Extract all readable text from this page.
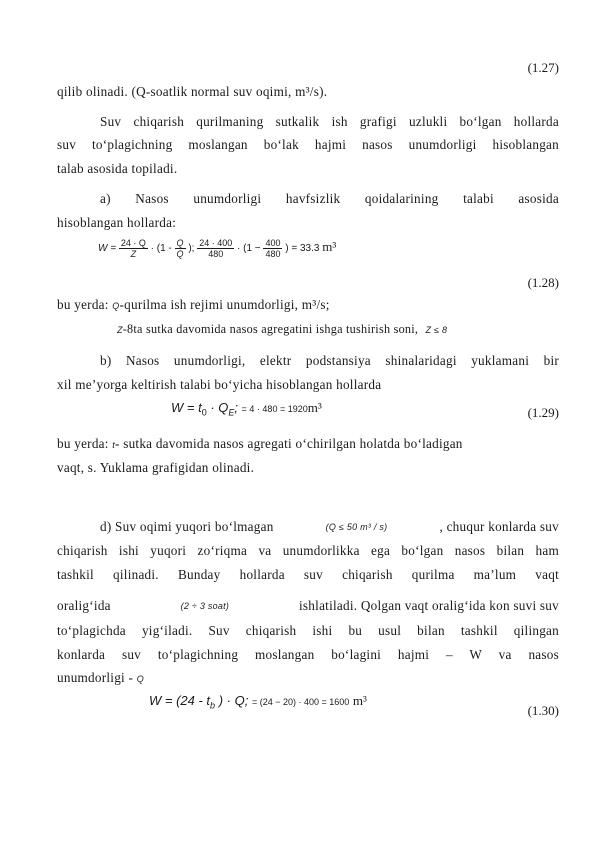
(1.27)
qilib olinadi. (Q-soatlik normal suv oqimi, m³/s).
Suv chiqarish qurilmaning sutkalik ish grafigi uzlukli bo‘lgan hollarda
suv to‘plagichning moslangan bo‘lak hajmi nasos unumdorligi hisoblangan
talab asosida topiladi.
a) Nasos unumdorligi havfsizlik qoidalarining talabi asosida
hisoblangan hollarda:
$W = \frac{24 \cdot Q}{Z} \cdot (1 - \frac{Q}{Q}$ ); $\frac{24 \cdot 400}{480} \cdot (1 - \frac{400}{480}$ ) = 33.3 m³
(1.28)
bu yerda: Q-qurilma ish rejimi unumdorligi, m³/s;
Z-8ta sutka davomida nasos agregatini ishga tushirish soni, Z ≤ 8
b) Nasos unumdorligi, elektr podstansiya shinalaridagi yuklamani bir
xil me’yorga keltirish talabi bo‘yicha hisoblangan hollarda
$W = t_0 \cdot Q_E$; = 4 · 480 = 1920m³	(1.29)
bu yerda: t- sutka davomida nasos agregati o‘chirilgan holatda bo‘ladigan
vaqt, s. Yuklama grafigidan olinadi.
d) Suv oqimi yuqori bo‘lmagan	(Q ≤ 50 m³ / s)	, chuqur konlarda suv
chiqarish ishi yuqori zo‘riqma va unumdorlikka ega bo‘lgan nasos bilan ham
tashkil qilinadi. Bunday hollarda suv chiqarish qurilma ma’lum vaqt
oralig‘ida	(2 ÷ 3 soat)	ishlatiladi. Qolgan vaqt oralig‘ida kon suvi suv
to‘plagichda yig‘iladi. Suv chiqarish ishi bu usul bilan tashkil qilingan
konlarda suv to‘plagichning moslangan bo‘lagini hajmi – W va nasos
unumdorligi - Q
$W = (24 - t_b$ ) · Q; = (24 − 20) · 400 = 1600 m³
(1.30)
